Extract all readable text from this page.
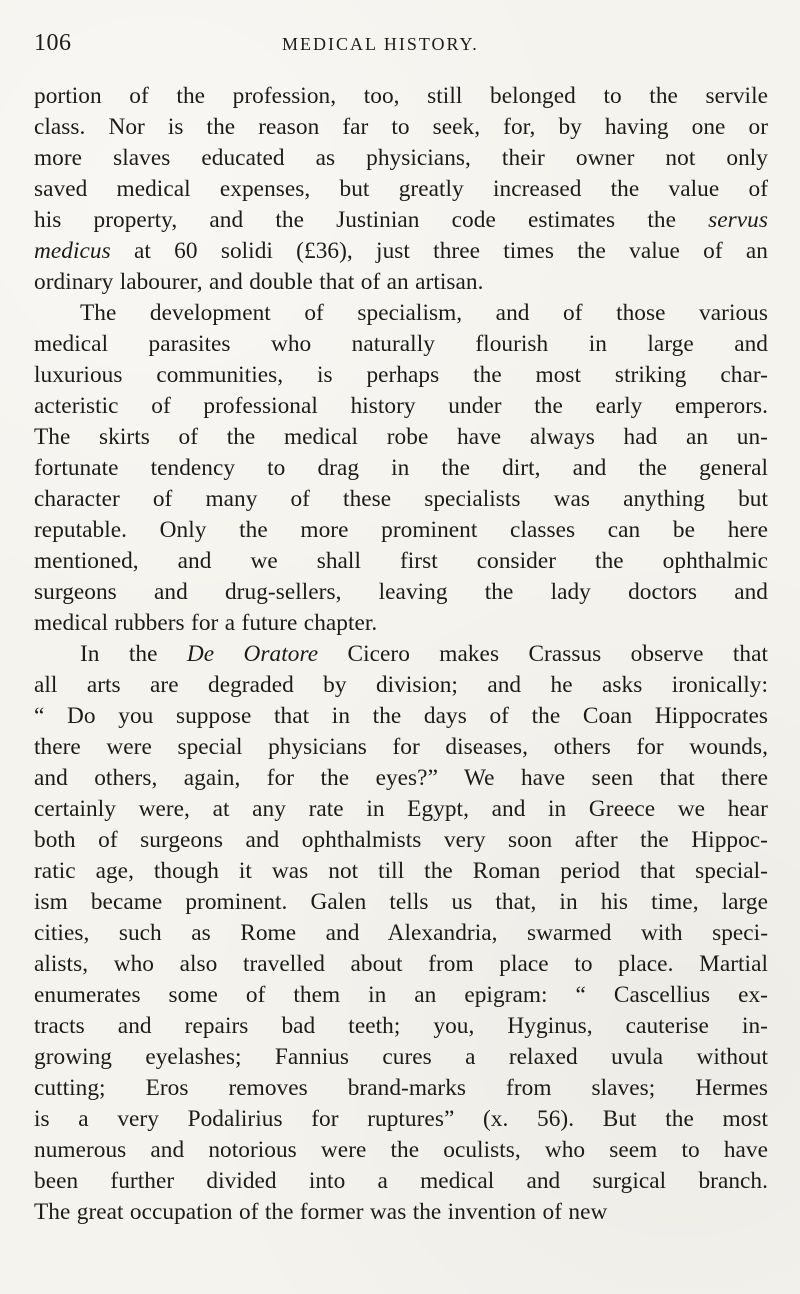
106	MEDICAL HISTORY.
portion of the profession, too, still belonged to the servile
class. Nor is the reason far to seek, for, by having one or
more slaves educated as physicians, their owner not only
saved medical expenses, but greatly increased the value of
his property, and the Justinian code estimates the servus
medicus at 60 solidi (£36), just three times the value of an
ordinary labourer, and double that of an artisan.
The development of specialism, and of those various
medical parasites who naturally flourish in large and
luxurious communities, is perhaps the most striking char-
acteristic of professional history under the early emperors.
The skirts of the medical robe have always had an un-
fortunate tendency to drag in the dirt, and the general
character of many of these specialists was anything but
reputable. Only the more prominent classes can be here
mentioned, and we shall first consider the ophthalmic
surgeons and drug-sellers, leaving the lady doctors and
medical rubbers for a future chapter.
In the De Oratore Cicero makes Crassus observe that
all arts are degraded by division; and he asks ironically:
“ Do you suppose that in the days of the Coan Hippocrates
there were special physicians for diseases, others for wounds,
and others, again, for the eyes?” We have seen that there
certainly were, at any rate in Egypt, and in Greece we hear
both of surgeons and ophthalmists very soon after the Hippoc-
ratic age, though it was not till the Roman period that special-
ism became prominent. Galen tells us that, in his time, large
cities, such as Rome and Alexandria, swarmed with speci-
alists, who also travelled about from place to place. Martial
enumerates some of them in an epigram: “ Cascellius ex-
tracts and repairs bad teeth; you, Hyginus, cauterise in-
growing eyelashes; Fannius cures a relaxed uvula without
cutting; Eros removes brand-marks from slaves; Hermes
is a very Podalirius for ruptures” (x. 56). But the most
numerous and notorious were the oculists, who seem to have
been further divided into a medical and surgical branch.
The great occupation of the former was the invention of new
